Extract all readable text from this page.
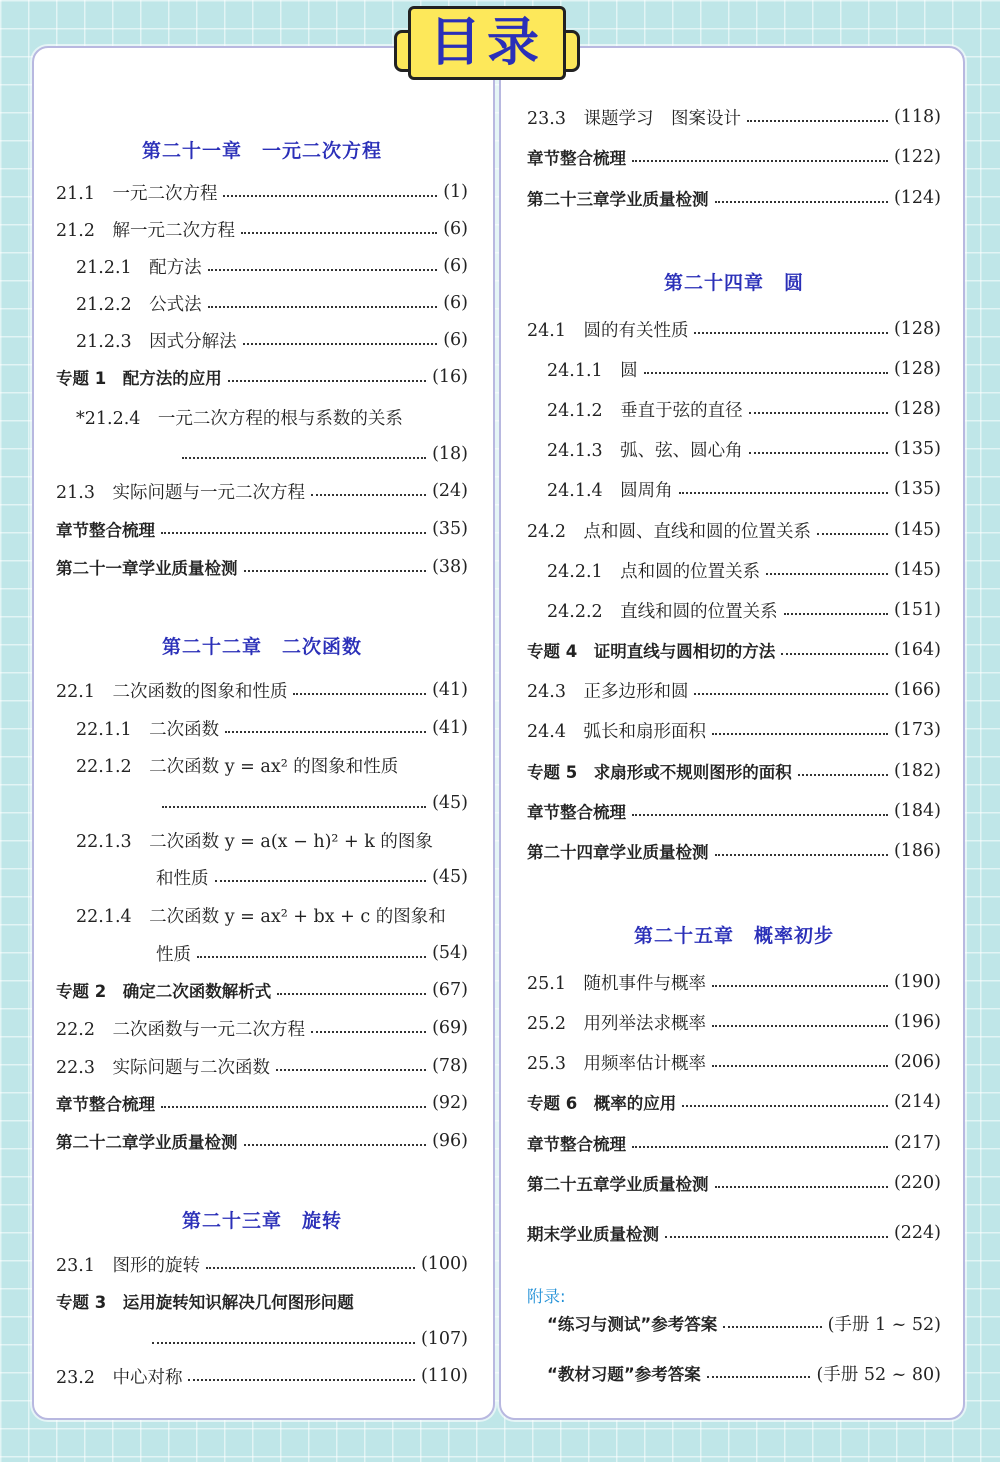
目录
第二十一章　一元二次方程
21.1　一元二次方程	(1)
21.2　解一元二次方程	(6)
21.2.1　配方法	(6)
21.2.2　公式法	(6)
21.2.3　因式分解法	(6)
专题 1　配方法的应用	(16)
*21.2.4　一元二次方程的根与系数的关系
(18)
21.3　实际问题与一元二次方程	(24)
章节整合梳理	(35)
第二十一章学业质量检测	(38)
第二十二章　二次函数
22.1　二次函数的图象和性质	(41)
22.1.1　二次函数	(41)
22.1.2　二次函数 y = ax² 的图象和性质
(45)
22.1.3　二次函数 y = a(x − h)² + k 的图象
和性质	(45)
22.1.4　二次函数 y = ax² + bx + c 的图象和
性质	(54)
专题 2　确定二次函数解析式	(67)
22.2　二次函数与一元二次方程	(69)
22.3　实际问题与二次函数	(78)
章节整合梳理	(92)
第二十二章学业质量检测	(96)
第二十三章　旋转
23.1　图形的旋转	(100)
专题 3　运用旋转知识解决几何图形问题
(107)
23.2　中心对称	(110)
23.3　课题学习　图案设计	(118)
章节整合梳理	(122)
第二十三章学业质量检测	(124)
第二十四章　圆
24.1　圆的有关性质	(128)
24.1.1　圆	(128)
24.1.2　垂直于弦的直径	(128)
24.1.3　弧、弦、圆心角	(135)
24.1.4　圆周角	(135)
24.2　点和圆、直线和圆的位置关系	(145)
24.2.1　点和圆的位置关系	(145)
24.2.2　直线和圆的位置关系	(151)
专题 4　证明直线与圆相切的方法	(164)
24.3　正多边形和圆	(166)
24.4　弧长和扇形面积	(173)
专题 5　求扇形或不规则图形的面积	(182)
章节整合梳理	(184)
第二十四章学业质量检测	(186)
第二十五章　概率初步
25.1　随机事件与概率	(190)
25.2　用列举法求概率	(196)
25.3　用频率估计概率	(206)
专题 6　概率的应用	(214)
章节整合梳理	(217)
第二十五章学业质量检测	(220)
期末学业质量检测	(224)
附录:
“练习与测试”参考答案	(手册 1 ~ 52)
“教材习题”参考答案	(手册 52 ~ 80)
